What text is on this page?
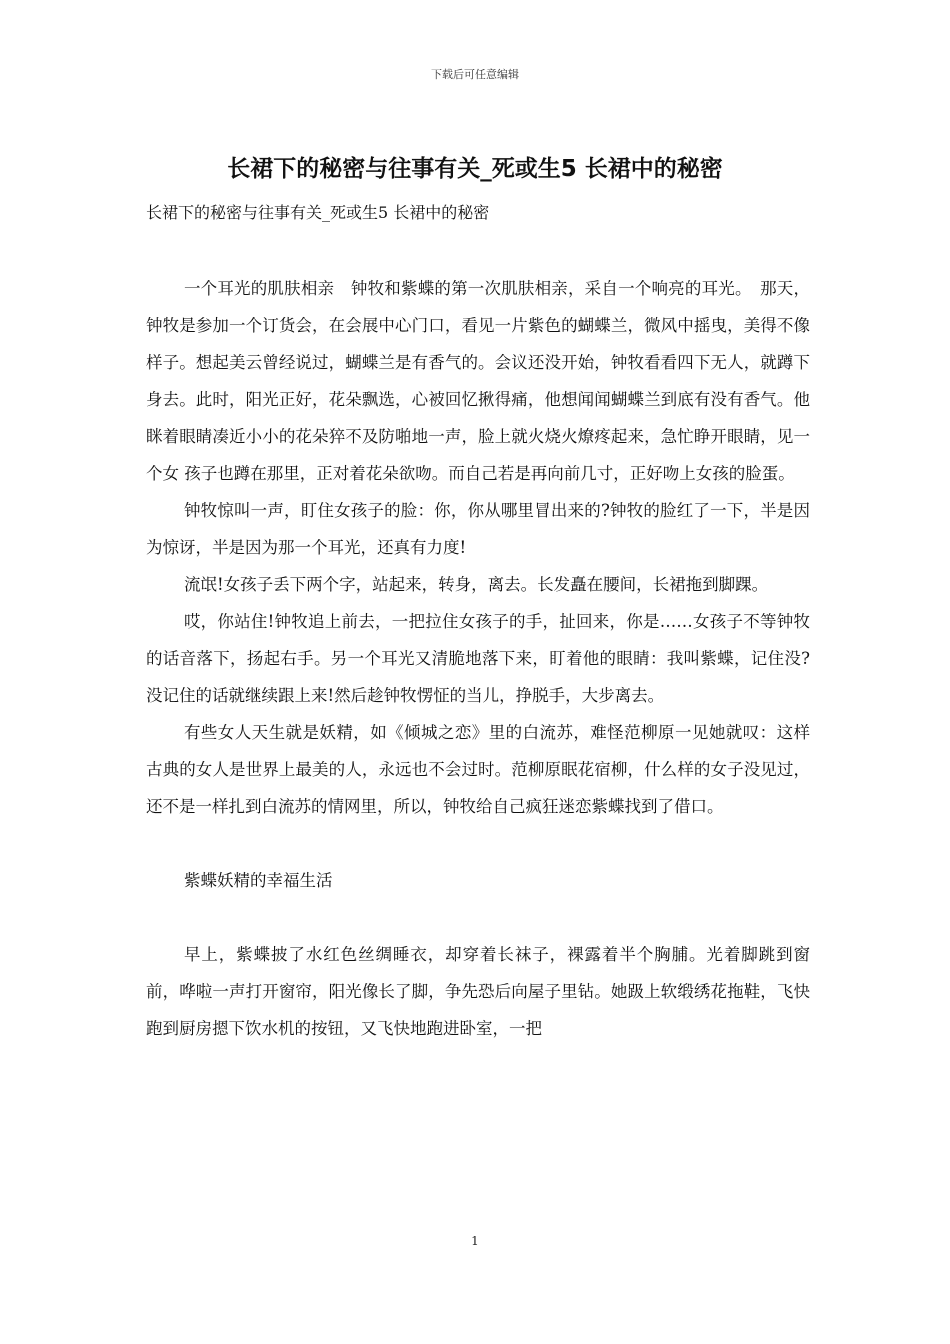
下载后可任意编辑
长裙下的秘密与往事有关_死或生5 长裙中的秘密
长裙下的秘密与往事有关_死或生5 长裙中的秘密

一个耳光的肌肤相亲　钟牧和紫蝶的第一次肌肤相亲，采自一个响亮的耳光。　那天，钟牧是参加一个订货会，在会展中心门口，看见一片紫色的蝴蝶兰，微风中摇曳，美得不像样子。想起美云曾经说过，蝴蝶兰是有香气的。会议还没开始，钟牧看看四下无人，就蹲下身去。此时，阳光正好，花朵飘选，心被回忆揪得痛，他想闻闻蝴蝶兰到底有没有香气。他眯着眼睛凑近小小的花朵猝不及防啪地一声，脸上就火烧火燎疼起来，急忙睁开眼睛，见一个女 孩子也蹲在那里，正对着花朵欲吻。而自己若是再向前几寸，正好吻上女孩的脸蛋。

钟牧惊叫一声，盯住女孩子的脸：你，你从哪里冒出来的?钟牧的脸红了一下，半是因为惊讶，半是因为那一个耳光，还真有力度!

流氓!女孩子丢下两个字，站起来，转身，离去。长发矗在腰间，长裙拖到脚踝。

哎，你站住!钟牧追上前去，一把拉住女孩子的手，扯回来，你是……女孩子不等钟牧的话音落下，扬起右手。另一个耳光又清脆地落下来，盯着他的眼睛：我叫紫蝶，记住没?没记住的话就继续跟上来!然后趁钟牧愣怔的当儿，挣脱手，大步离去。

有些女人天生就是妖精，如《倾城之恋》里的白流苏，难怪范柳原一见她就叹：这样古典的女人是世界上最美的人，永远也不会过时。范柳原眠花宿柳，什么样的女子没见过，还不是一样扎到白流苏的情网里，所以，钟牧给自己疯狂迷恋紫蝶找到了借口。

紫蝶妖精的幸福生活

早上，紫蝶披了水红色丝绸睡衣，却穿着长袜子，裸露着半个胸脯。光着脚跳到窗前，哗啦一声打开窗帘，阳光像长了脚，争先恐后向屋子里钻。她趿上软缎绣花拖鞋，飞快跑到厨房摁下饮水机的按钮，又飞快地跑进卧室，一把

1
